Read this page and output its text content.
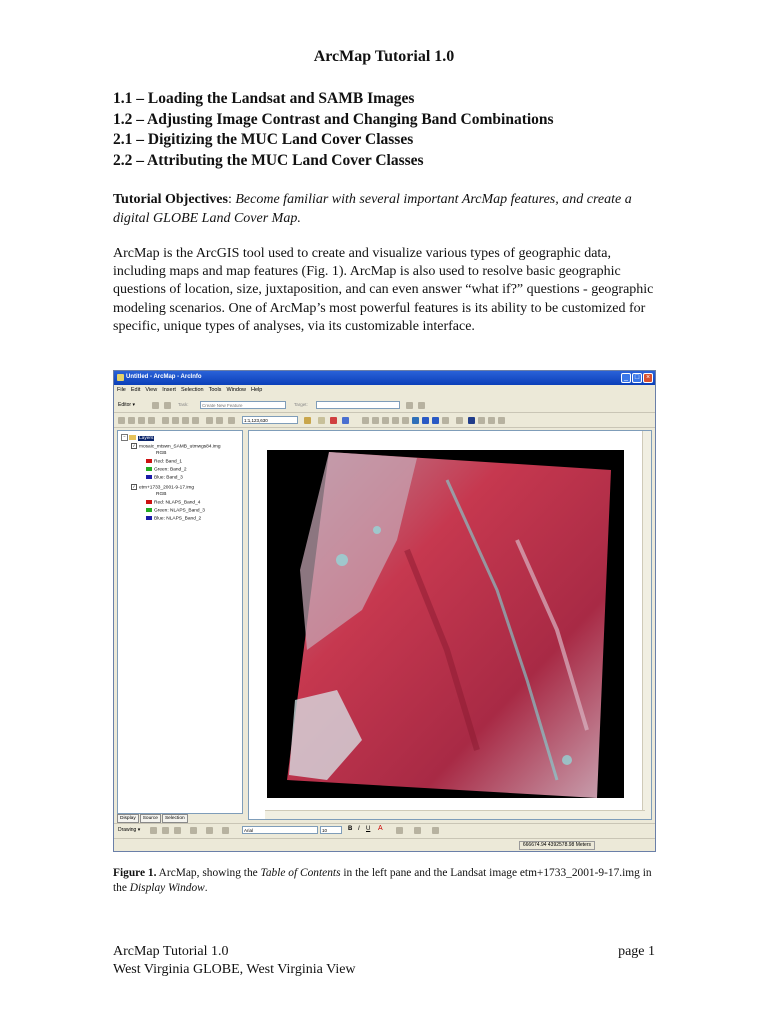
ArcMap Tutorial 1.0
1.1 – Loading the Landsat and SAMB Images
1.2 – Adjusting Image Contrast and Changing Band Combinations
2.1 – Digitizing the MUC Land Cover Classes
2.2 – Attributing the MUC Land Cover Classes
Tutorial Objectives: Become familiar with several important ArcMap features, and create a digital GLOBE Land Cover Map.
ArcMap is the ArcGIS tool used to create and visualize various types of geographic data, including maps and map features (Fig. 1). ArcMap is also used to resolve basic geographic questions of location, size, juxtaposition, and can even answer “what if?” questions - geographic modeling scenarios. One of ArcMap’s most powerful features is its ability to be customized for specific, unique types of analyses, via its customizable interface.
Untitled - ArcMap - ArcInfo	_ □ ×
File Edit View Insert Selection Tools Window Help
Editor ▾	Task:	Create New Feature	Target:
1:1,123,630
−	Layers
✓ mosaic_mtswn_SAMB_utmwgs84.img
RGB
Red: Band_1
Green: Band_2
Blue: Band_3
✓ etm+1733_2001-9-17.img
RGB
Red: NLAPS_Band_4
Green: NLAPS_Band_3
Blue: NLAPS_Band_2
Display	Source	Selection
Drawing ▾	Arial	10	B I U A
666674.94 4392578.98 Meters
Figure 1. ArcMap, showing the Table of Contents in the left pane and the Landsat image etm+1733_2001-9-17.img in the Display Window.
ArcMap Tutorial 1.0
West Virginia GLOBE, West Virginia View
page 1
